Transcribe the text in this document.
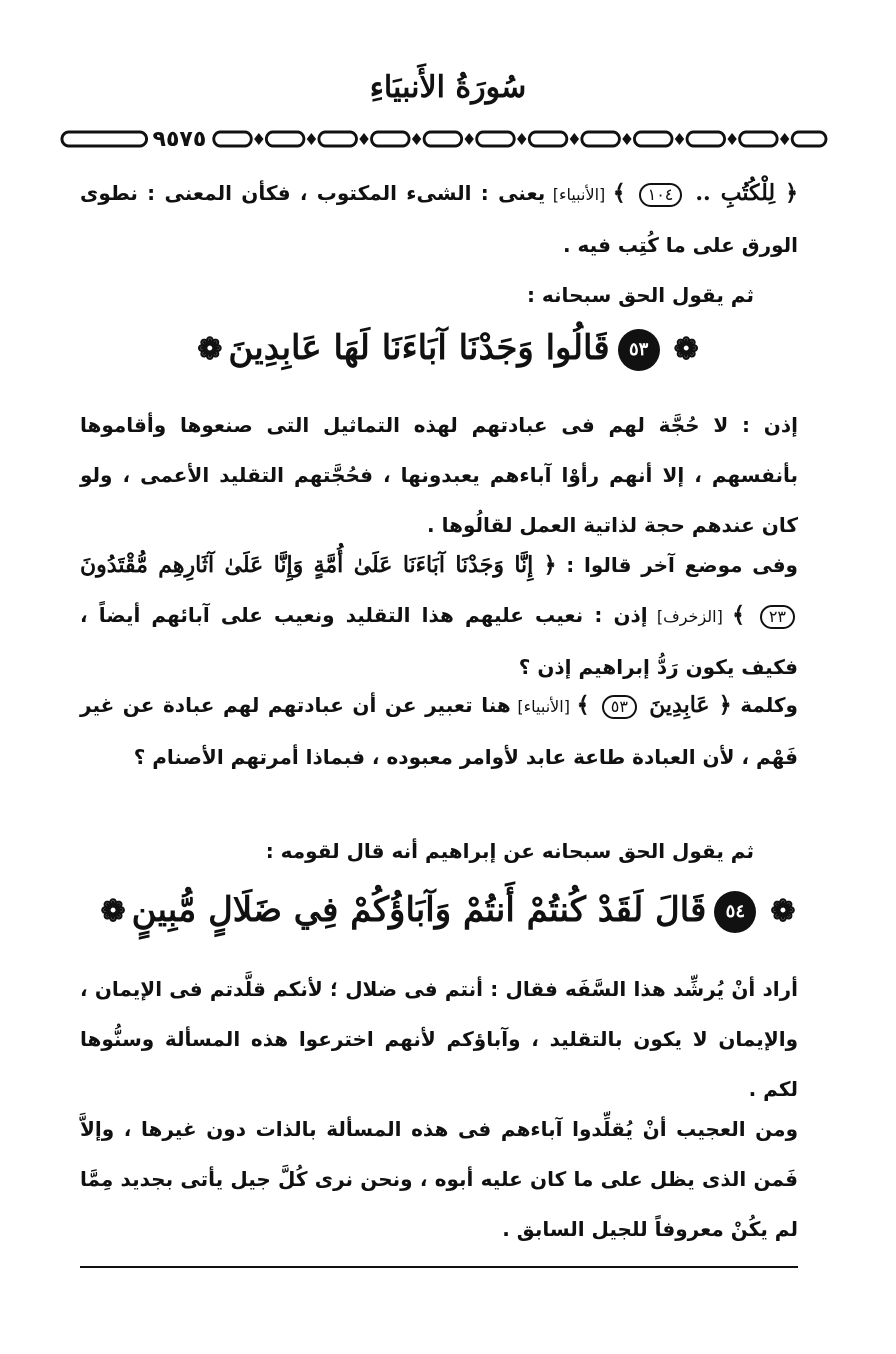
سُورَةُ الأَنبيَاءِ
٩٥٧٥

﴿ لِلْكُتُبِ .. ١٠٤ ﴾ [الأنبياء] يعنى : الشىء المكتوب ، فكأن المعنى : نطوى الورق على ما كُتِب فيه .

ثم يقول الحق سبحانه :

❁٥٣قَالُوا وَجَدْنَا آبَاءَنَا لَهَا عَابِدِينَ❁

إذن : لا حُجَّة لهم فى عبادتهم لهذه التماثيل التى صنعوها وأقاموها بأنفسهم ، إلا أنهم رأوْا آباءهم يعبدونها ، فحُجَّتهم التقليد الأعمى ، ولو كان عندهم حجة لذاتية العمل لقالُوها .

وفى موضع آخر قالوا : ﴿ إِنَّا وَجَدْنَا آبَاءَنَا عَلَىٰ أُمَّةٍ وَإِنَّا عَلَىٰ آثَارِهِم مُّقْتَدُونَ ٢٣ ﴾ [الزخرف] إذن : نعيب عليهم هذا التقليد ونعيب على آبائهم أيضاً ، فكيف يكون رَدُّ إبراهيم إذن ؟

وكلمة ﴿ عَابِدِينَ ٥٣ ﴾ [الأنبياء] هنا تعبير عن أن عبادتهم لهم عبادة عن غير فَهْم ، لأن العبادة طاعة عابد لأوامر معبوده ، فبماذا أمرتهم الأصنام ؟

ثم يقول الحق سبحانه عن إبراهيم أنه قال لقومه :

❁٥٤قَالَ لَقَدْ كُنتُمْ أَنتُمْ وَآبَاؤُكُمْ فِي ضَلَالٍ مُّبِينٍ❁

أراد أنْ يُرشِّد هذا السَّفَه فقال : أنتم فى ضلال ؛ لأنكم قلَّدتم فى الإيمان ، والإيمان لا يكون بالتقليد ، وآباؤكم لأنهم اخترعوا هذه المسألة وسنُّوها لكم .

ومن العجيب أنْ يُقلِّدوا آباءهم فى هذه المسألة بالذات دون غيرها ، وإلاَّ فَمن الذى يظل على ما كان عليه أبوه ، ونحن نرى كُلَّ جيل يأتى بجديد مِمَّا لم يكُنْ معروفاً للجيل السابق .
